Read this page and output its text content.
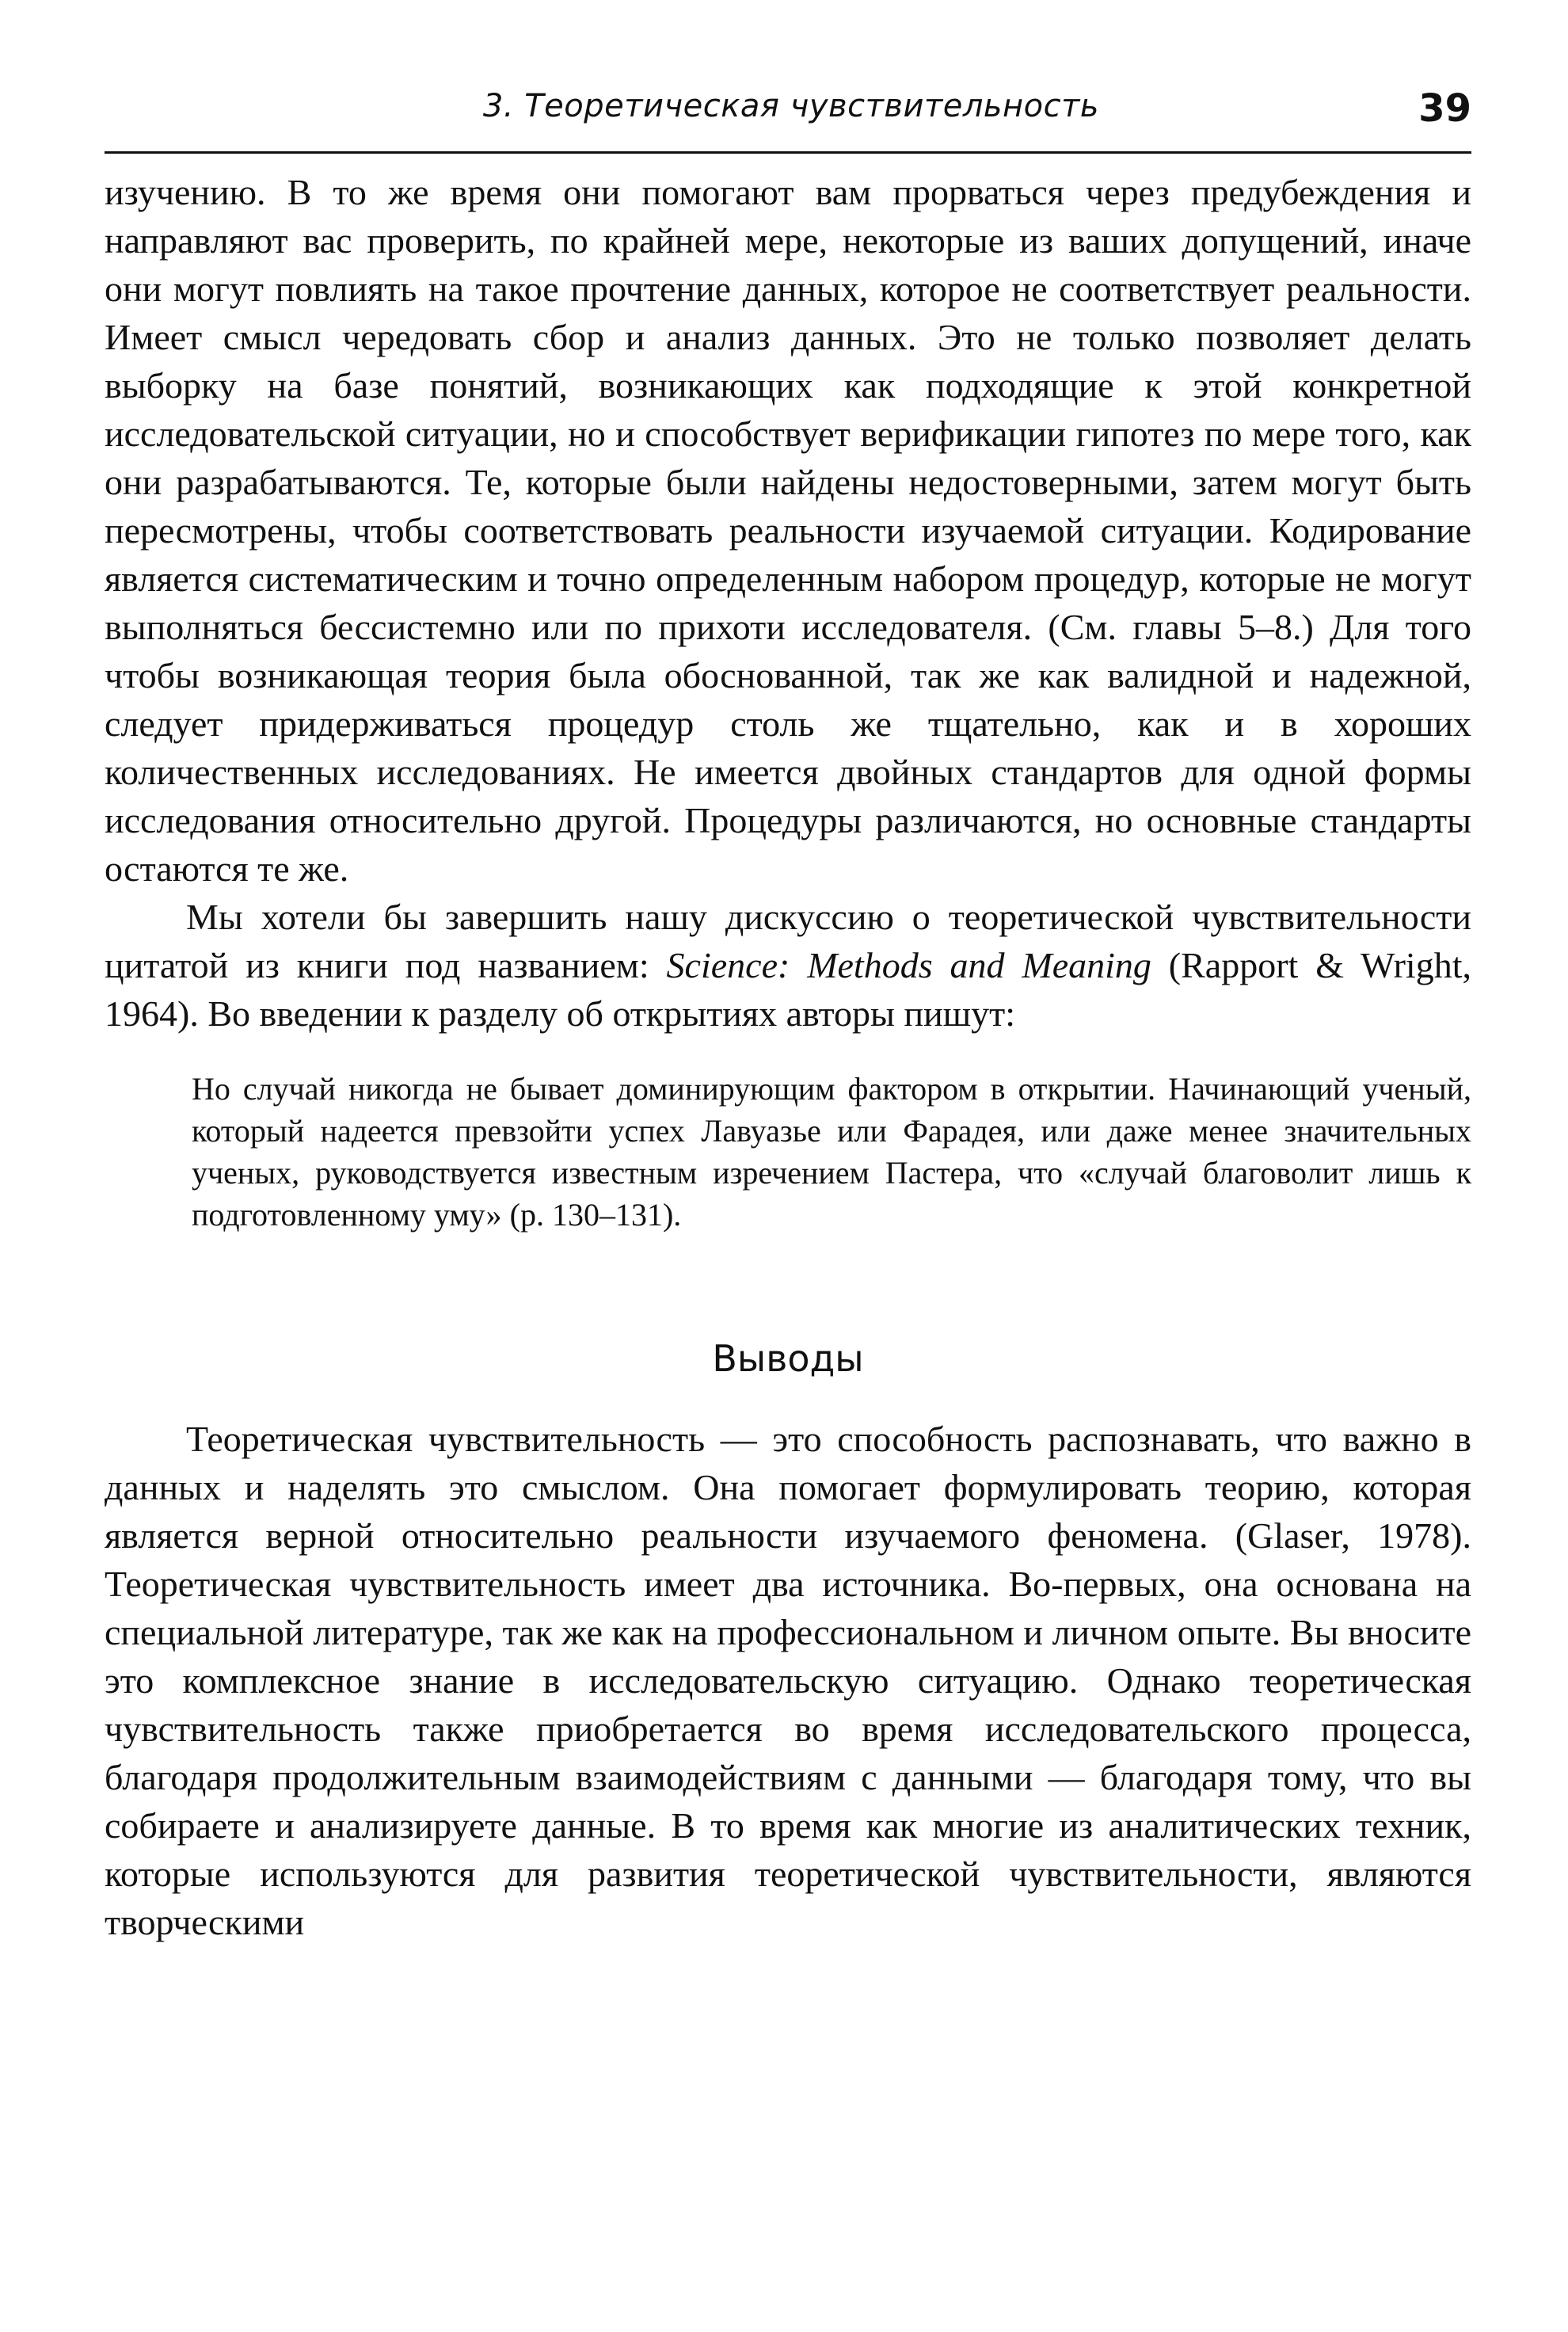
3. Теоретическая чувствительность	39

изучению. В то же время они помогают вам прорваться через предубеждения и направляют вас проверить, по крайней мере, некоторые из ваших допущений, иначе они могут повлиять на такое прочтение данных, которое не соответствует реальности. Имеет смысл чередовать сбор и анализ данных. Это не только позволяет делать выборку на базе понятий, возникающих как подходящие к этой конкретной исследовательской ситуации, но и способствует верификации гипотез по мере того, как они разрабатываются. Те, которые были найдены недостоверными, затем могут быть пересмотрены, чтобы соответствовать реальности изучаемой ситуации. Кодирование является систематическим и точно определенным набором процедур, которые не могут выполняться бессистемно или по прихоти исследователя. (См. главы 5–8.) Для того чтобы возникающая теория была обоснованной, так же как валидной и надежной, следует придерживаться процедур столь же тщательно, как и в хороших количественных исследованиях. Не имеется двойных стандартов для одной формы исследования относительно другой. Процедуры различаются, но основные стандарты остаются те же.

Мы хотели бы завершить нашу дискуссию о теоретической чувствительности цитатой из книги под названием: Science: Methods and Meaning (Rapport & Wright, 1964). Во введении к разделу об открытиях авторы пишут:

Но случай никогда не бывает доминирующим фактором в открытии. Начинающий ученый, который надеется превзойти успех Лавуазье или Фарадея, или даже менее значительных ученых, руководствуется известным изречением Пастера, что «случай благоволит лишь к подготовленному уму» (р. 130–131).

Выводы

Теоретическая чувствительность — это способность распознавать, что важно в данных и наделять это смыслом. Она помогает формулировать теорию, которая является верной относительно реальности изучаемого феномена. (Glaser, 1978). Теоретическая чувствительность имеет два источника. Во-первых, она основана на специальной литературе, так же как на профессиональном и личном опыте. Вы вносите это комплексное знание в исследовательскую ситуацию. Однако теоретическая чувствительность также приобретается во время исследовательского процесса, благодаря продолжительным взаимодействиям с данными — благодаря тому, что вы собираете и анализируете данные. В то время как многие из аналитических техник, которые используются для развития теоретической чувствительности, являются творческими
